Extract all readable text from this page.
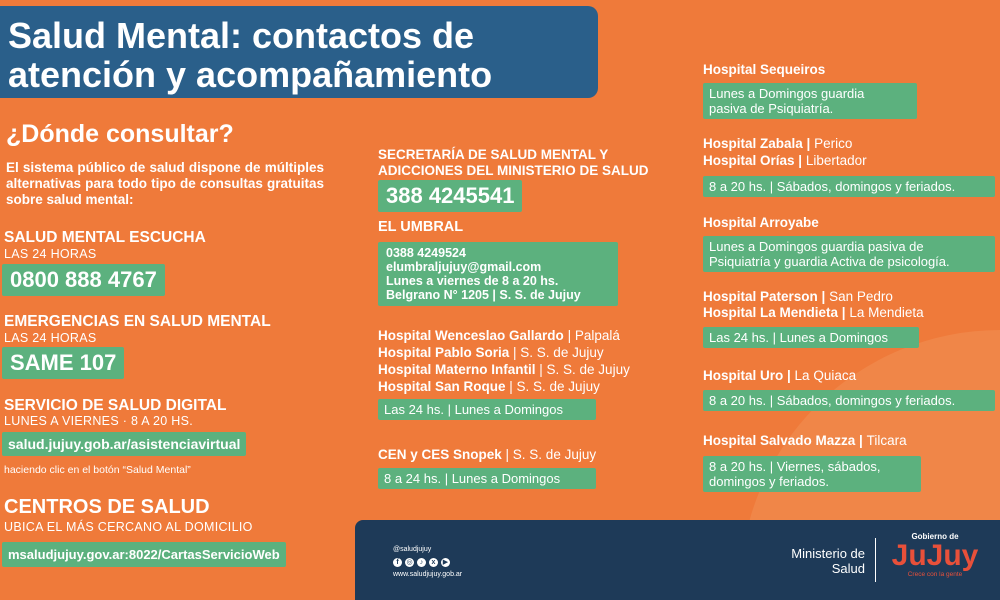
Salud Mental: contactos de
atención y acompañamiento
¿Dónde consultar?
El sistema público de salud dispone de múltiples alternativas para todo tipo de consultas gratuitas sobre salud mental:
SALUD MENTAL ESCUCHA
LAS 24 HORAS
0800 888 4767
EMERGENCIAS EN SALUD MENTAL
LAS 24 HORAS
SAME 107
SERVICIO DE SALUD DIGITAL
LUNES A VIERNES · 8 A 20 HS.
salud.jujuy.gob.ar/asistenciavirtual
haciendo clic en el botón “Salud Mental”
CENTROS DE SALUD
UBICA EL MÁS CERCANO AL DOMICILIO
msaludjujuy.gov.ar:8022/CartasServicioWeb
SECRETARÍA DE SALUD MENTAL Y
ADICCIONES DEL MINISTERIO DE SALUD
388 4245541
EL UMBRAL
0388 4249524
elumbraljujuy@gmail.com
Lunes a viernes de 8 a 20 hs.
Belgrano N° 1205 | S. S. de Jujuy
Hospital Wenceslao Gallardo | Palpalá
Hospital Pablo Soria | S. S. de Jujuy
Hospital Materno Infantil | S. S. de Jujuy
Hospital San Roque | S. S. de Jujuy
Las 24 hs. | Lunes a Domingos
CEN y CES Snopek | S. S. de Jujuy
8 a 24 hs. | Lunes a Domingos
Hospital Sequeiros
Lunes a Domingos guardia
pasiva de Psiquiatría.
Hospital Zabala | Perico
Hospital Orías | Libertador
8 a 20 hs. | Sábados, domingos y feriados.
Hospital Arroyabe
Lunes a Domingos guardia pasiva de
Psiquiatría y guardia Activa de psicología.
Hospital Paterson | San Pedro
Hospital La Mendieta | La Mendieta
Las 24 hs. | Lunes a Domingos
Hospital Uro | La Quiaca
8 a 20 hs. | Sábados, domingos y feriados.
Hospital Salvado Mazza | Tilcara
8 a 20 hs. | Viernes, sábados,
domingos y feriados.
@saludjujuy
f	◎	♪	x	▶
www.saludjujuy.gob.ar
Ministerio de
Salud
Gobierno de
JuJuy
Crece con la gente
